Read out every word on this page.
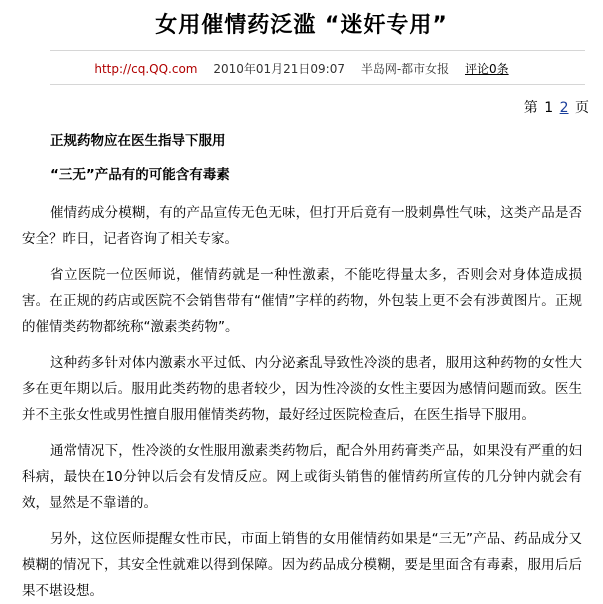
女用催情药泛滥 “迷奸专用”
http://cq.QQ.com 2010年01月21日09:07 半岛网-都市女报 评论0条
第 1 2 页

正规药物应在医生指导下服用

“三无”产品有的可能含有毒素

催情药成分模糊，有的产品宣传无色无味，但打开后竟有一股刺鼻性气味，这类产品是否安全？昨日，记者咨询了相关专家。

省立医院一位医师说，催情药就是一种性激素，不能吃得量太多，否则会对身体造成损害。在正规的药店或医院不会销售带有“催情”字样的药物，外包装上更不会有涉黄图片。正规的催情类药物都统称“激素类药物”。

这种药多针对体内激素水平过低、内分泌紊乱导致性冷淡的患者，服用这种药物的女性大多在更年期以后。服用此类药物的患者较少，因为性冷淡的女性主要因为感情问题而致。医生并不主张女性或男性擅自服用催情类药物，最好经过医院检查后，在医生指导下服用。

通常情况下，性冷淡的女性服用激素类药物后，配合外用药膏类产品，如果没有严重的妇科病，最快在10分钟以后会有发情反应。网上或街头销售的催情药所宣传的几分钟内就会有效，显然是不靠谱的。

另外，这位医师提醒女性市民，市面上销售的女用催情药如果是“三无”产品、药品成分又模糊的情况下，其安全性就难以得到保障。因为药品成分模糊，要是里面含有毒素，服用后后果不堪设想。
